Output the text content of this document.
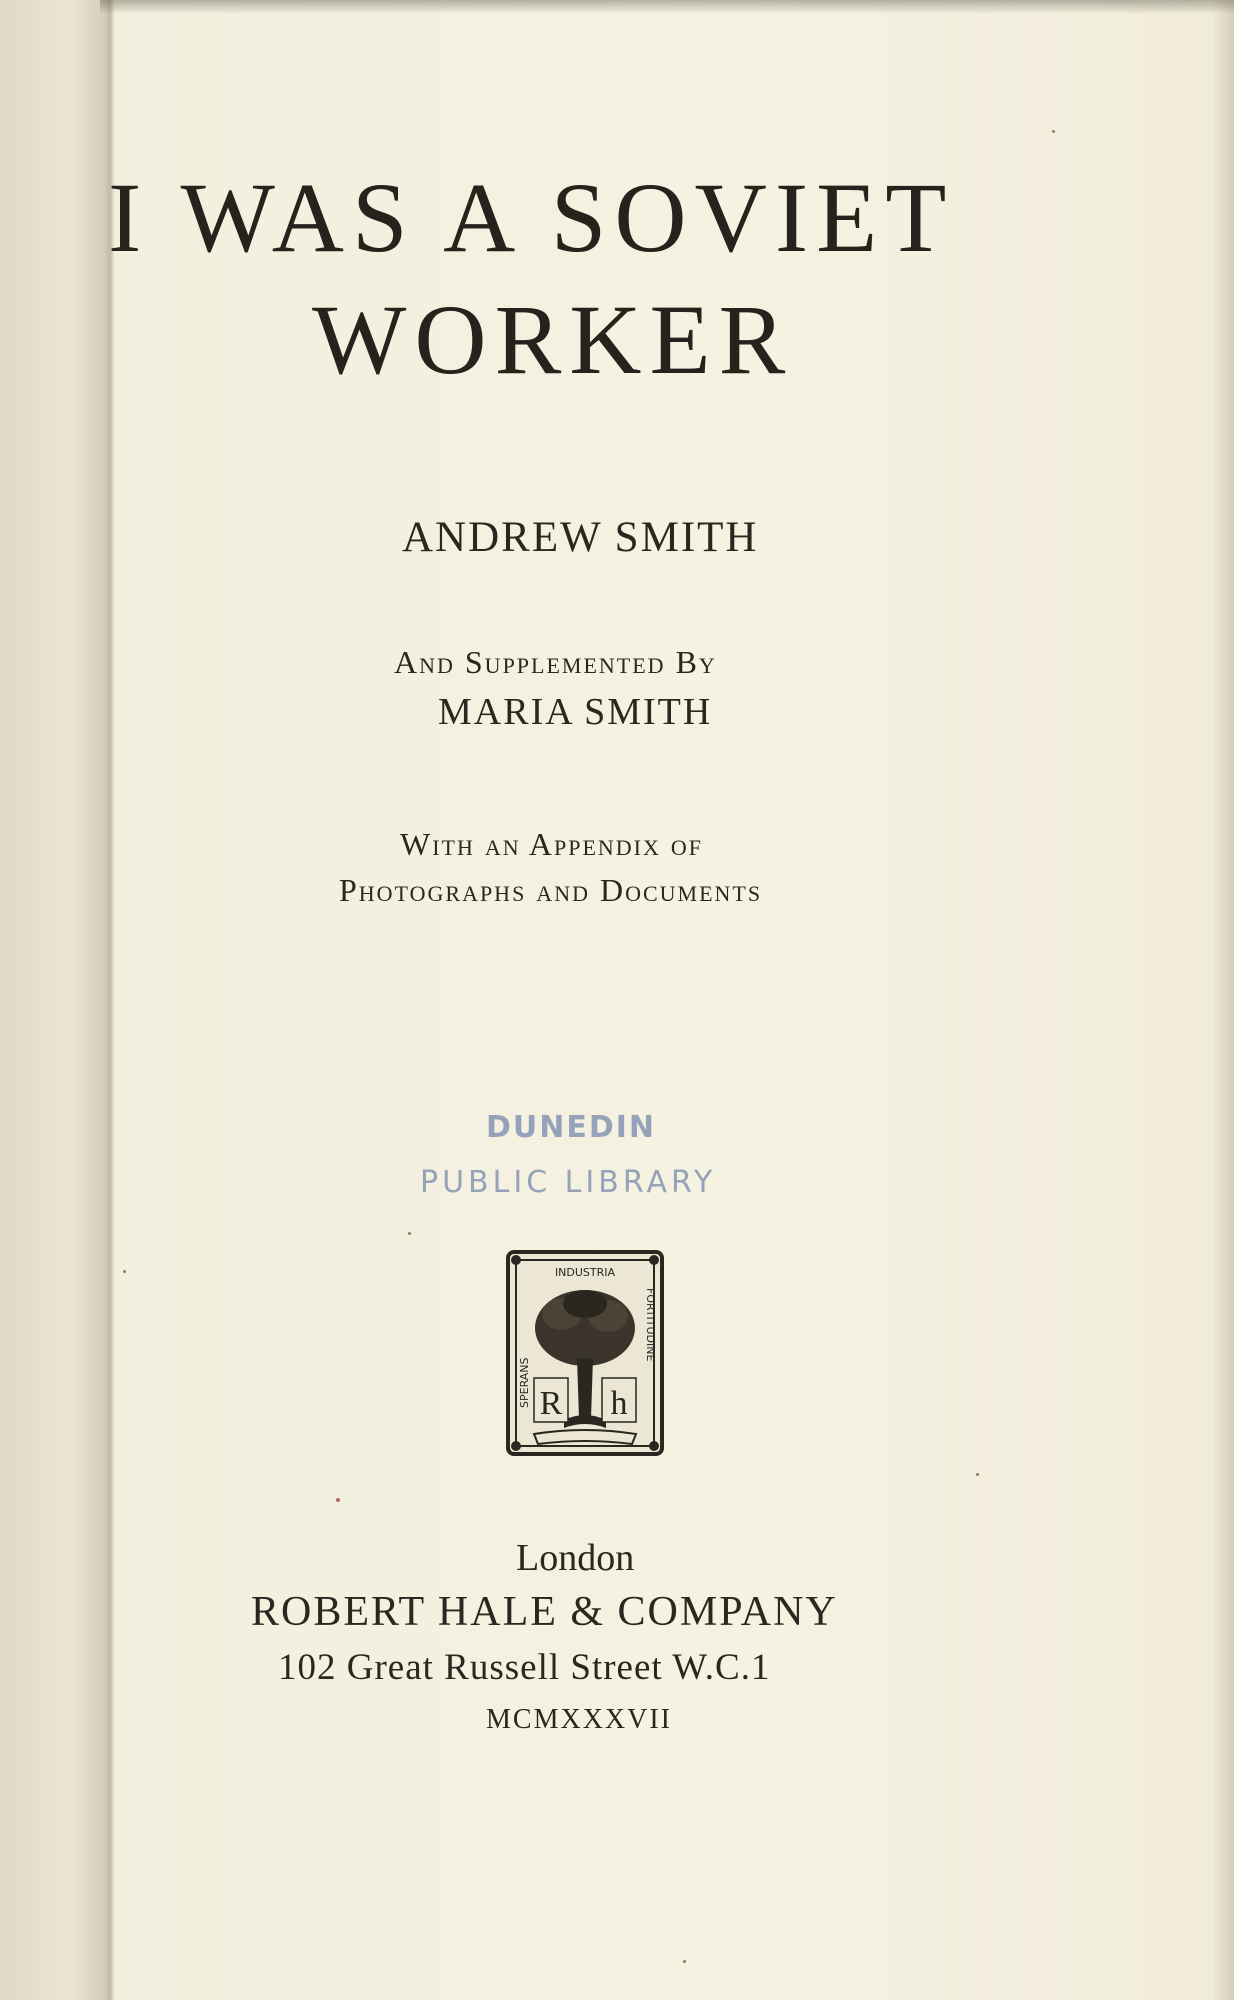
I WAS A SOVIET
WORKER
ANDREW SMITH
And Supplemented By
MARIA SMITH
With an Appendix of
Photographs and Documents
DUNEDIN
PUBLIC LIBRARY
INDUSTRIA
FORTITUDINE
SPERANS R h
London
ROBERT HALE & COMPANY
102 Great Russell Street W.C.1
MCMXXXVII
